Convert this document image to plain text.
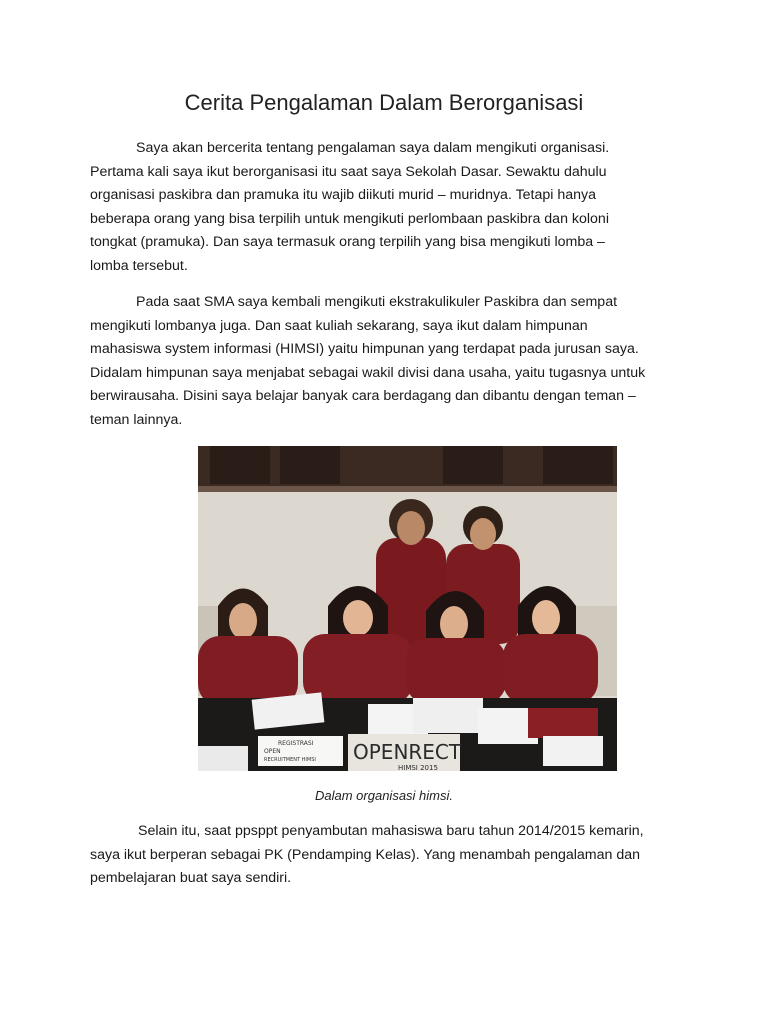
Cerita Pengalaman Dalam Berorganisasi

Saya akan bercerita tentang pengalaman saya dalam mengikuti organisasi.
Pertama kali saya ikut berorganisasi itu saat saya Sekolah Dasar. Sewaktu dahulu
organisasi paskibra dan pramuka itu wajib diikuti murid – muridnya. Tetapi hanya
beberapa orang yang bisa terpilih untuk mengikuti perlombaan paskibra dan koloni
tongkat (pramuka). Dan saya termasuk orang terpilih yang bisa mengikuti lomba –
lomba tersebut.

Pada saat SMA saya kembali mengikuti ekstrakulikuler Paskibra dan sempat
mengikuti lombanya juga. Dan saat kuliah sekarang, saya ikut dalam himpunan
mahasiswa system informasi (HIMSI) yaitu himpunan yang terdapat pada jurusan saya.
Didalam himpunan saya menjabat sebagai wakil divisi dana usaha, yaitu tugasnya untuk
berwirausaha. Disini saya belajar banyak cara berdagang dan dibantu dengan teman –
teman lainnya.

REGISTRASI
OPEN
RECRUITMENT HIMSI OPENRECT
HIMSI 2015
Dalam organisasi himsi.

Selain itu, saat ppsppt penyambutan mahasiswa baru tahun 2014/2015 kemarin,
saya ikut berperan sebagai PK (Pendamping Kelas). Yang menambah pengalaman dan
pembelajaran buat saya sendiri.
